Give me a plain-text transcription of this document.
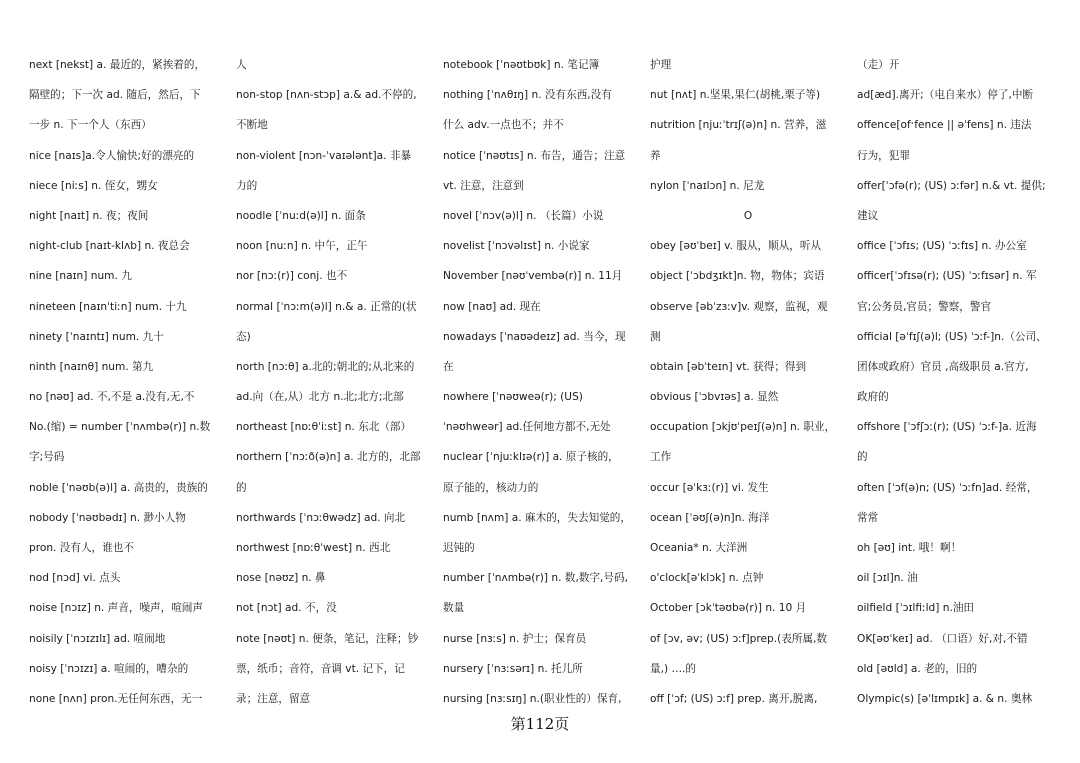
next [nekst] a. 最近的，紧挨着的，
隔壁的；下一次 ad. 随后，然后，下
一步 n. 下一个人（东西）
nice [naɪs]a.令人愉快;好的漂亮的
niece [niːs] n. 侄女，甥女
night [naɪt] n. 夜；夜间
night-club [naɪt-klʌb] n. 夜总会
nine [naɪn] num. 九
nineteen [naɪnˈtiːn] num. 十九
ninety [ˈnaɪntɪ] num. 九十
ninth [naɪnθ] num. 第九
no [nəʊ] ad. 不,不是 a.没有,无,不
No.(缩) = number [ˈnʌmbə(r)] n.数
字;号码
noble [ˈnəʊb(ə)l] a. 高贵的，贵族的
nobody [ˈnəʊbədɪ] n. 渺小人物
pron. 没有人，谁也不
nod [nɔd] vi. 点头
noise [nɔɪz] n. 声音，噪声，喧闹声
noisily [ˈnɔɪzɪlɪ] ad. 喧闹地
noisy [ˈnɔɪzɪ] a. 喧闹的，嘈杂的
none [nʌn] pron.无任何东西，无一
人
non-stop [nʌn-stɔp] a.& ad.不停的,
不断地
non-violent [nɔn-ˈvaɪələnt]a. 非暴
力的
noodle [ˈnuːd(ə)l] n. 面条
noon [nuːn] n. 中午，正午
nor [nɔː(r)] conj. 也不
normal [ˈnɔːm(ə)l] n.& a. 正常的(状
态)
north [nɔːθ] a.北的;朝北的;从北来的
ad.向（在,从）北方 n.北;北方;北部
northeast [nɒːθˈiːst] n. 东北（部）
northern [ˈnɔːð(ə)n] a. 北方的，北部
的
northwards [ˈnɔːθwədz] ad. 向北
northwest [nɒːθˈwest] n. 西北
nose [nəʊz] n. 鼻
not [nɔt] ad. 不，没
note [nəʊt] n. 便条，笔记，注释；钞
票，纸币；音符，音调 vt. 记下，记
录；注意，留意
notebook [ˈnəʊtbʊk] n. 笔记簿
nothing [ˈnʌθɪŋ] n. 没有东西,没有
什么 adv.一点也不；并不
notice [ˈnəʊtɪs] n. 布告，通告；注意
vt. 注意，注意到
novel [ˈnɔv(ə)l] n. （长篇）小说
novelist [ˈnɔvəlɪst] n. 小说家
November [nəʊˈvembə(r)] n. 11月
now [naʊ] ad. 现在
nowadays [ˈnaʊədeɪz] ad. 当今，现
在
nowhere [ˈnəʊweə(r); (US)
ˈnəʊhweər] ad.任何地方都不,无处
nuclear [ˈnjuːklɪə(r)] a. 原子核的，
原子能的，核动力的
numb [nʌm] a. 麻木的，失去知觉的，
迟钝的
number [ˈnʌmbə(r)] n. 数,数字,号码,
数量
nurse [nɜːs] n. 护士；保育员
nursery [ˈnɜːsərɪ] n. 托儿所
nursing [nɜːsɪŋ] n.(职业性的）保育,
护理
nut [nʌt] n.坚果,果仁(胡桃,栗子等)
nutrition [njuːˈtrɪʃ(ə)n] n. 营养，滋
养
nylon [ˈnaɪlɔn] n. 尼龙
O
obey [əʊˈbeɪ] v. 服从，顺从，听从
object [ˈɔbdʒɪkt]n. 物，物体；宾语
observe [əbˈzɜːv]v. 观察，监视，观
测
obtain [əbˈteɪn] vt. 获得；得到
obvious [ˈɔbvɪəs] a. 显然
occupation [ɔkjʊˈpeɪʃ(ə)n] n. 职业，
工作
occur [əˈkɜː(r)] vi. 发生
ocean [ˈəʊʃ(ə)n]n. 海洋
Oceania* n. 大洋洲
o'clock[əˈklɔk] n. 点钟
October [ɔkˈtəʊbə(r)] n. 10 月
of [ɔv, əv; (US) ɔːf]prep.(表所属,数
量,) ….的
off [ˈɔf; (US) ɔːf] prep. 离开,脱离,
（走）开
ad[æd].离开;（电自来水）停了,中断
offence[ofˑfence || əˈfens] n. 违法
行为，犯罪
offer[ˈɔfə(r); (US) ɔːfər] n.& vt. 提供;
建议
office [ˈɔfɪs; (US) ˈɔːfɪs] n. 办公室
officer[ˈɔfɪsə(r); (US) ˈɔːfɪsər] n. 军
官;公务员,官员；警察，警官
official [əˈfɪʃ(ə)l; (US) ˈɔːf-]n.（公司、
团体或政府）官员 ,高级职员 a.官方,
政府的
offshore [ˈɔfʃɔː(r); (US) ˈɔːf-]a. 近海
的
often [ˈɔf(ə)n; (US) ˈɔːfn]ad. 经常，
常常
oh [əʊ] int. 哦！啊！
oil [ɔɪl]n. 油
oilfield [ˈɔɪlfiːld] n.油田
OK[əʊˈkeɪ] ad. （口语）好,对,不错
old [əʊld] a. 老的，旧的
Olympic(s) [əˈlɪmpɪk] a. & n. 奥林
第112页
